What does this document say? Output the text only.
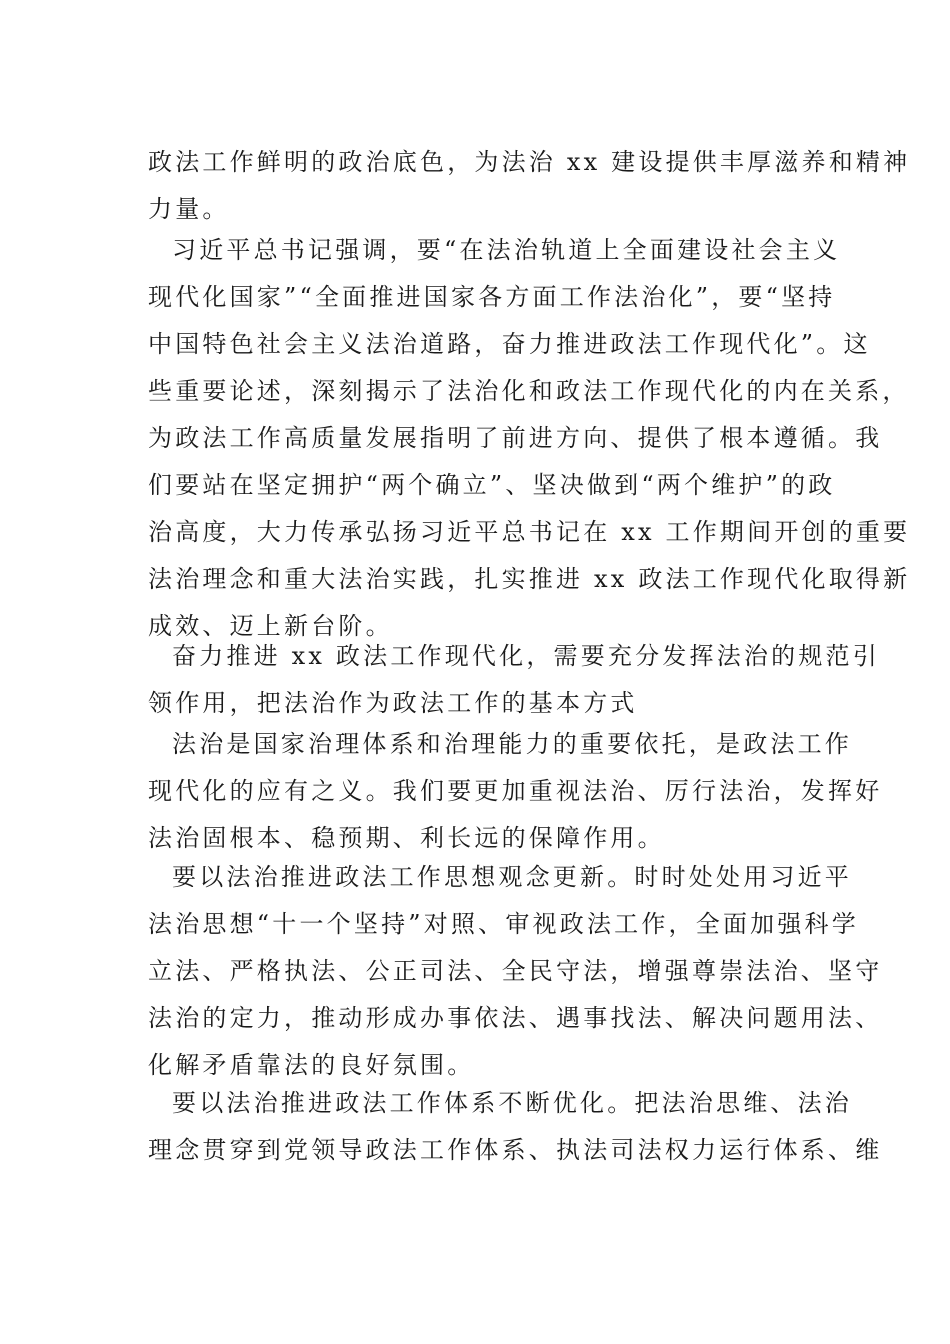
政法工作鲜明的政治底色，为法治 xx 建设提供丰厚滋养和精神
力量。
习近平总书记强调，要“在法治轨道上全面建设社会主义
现代化国家”“全面推进国家各方面工作法治化”，要“坚持
中国特色社会主义法治道路，奋力推进政法工作现代化”。这
些重要论述，深刻揭示了法治化和政法工作现代化的内在关系，
为政法工作高质量发展指明了前进方向、提供了根本遵循。我
们要站在坚定拥护“两个确立”、坚决做到“两个维护”的政
治高度，大力传承弘扬习近平总书记在 xx 工作期间开创的重要
法治理念和重大法治实践，扎实推进 xx 政法工作现代化取得新
成效、迈上新台阶。
奋力推进 xx 政法工作现代化，需要充分发挥法治的规范引
领作用，把法治作为政法工作的基本方式
法治是国家治理体系和治理能力的重要依托，是政法工作
现代化的应有之义。我们要更加重视法治、厉行法治，发挥好
法治固根本、稳预期、利长远的保障作用。
要以法治推进政法工作思想观念更新。时时处处用习近平
法治思想“十一个坚持”对照、审视政法工作，全面加强科学
立法、严格执法、公正司法、全民守法，增强尊崇法治、坚守
法治的定力，推动形成办事依法、遇事找法、解决问题用法、
化解矛盾靠法的良好氛围。
要以法治推进政法工作体系不断优化。把法治思维、法治
理念贯穿到党领导政法工作体系、执法司法权力运行体系、维
